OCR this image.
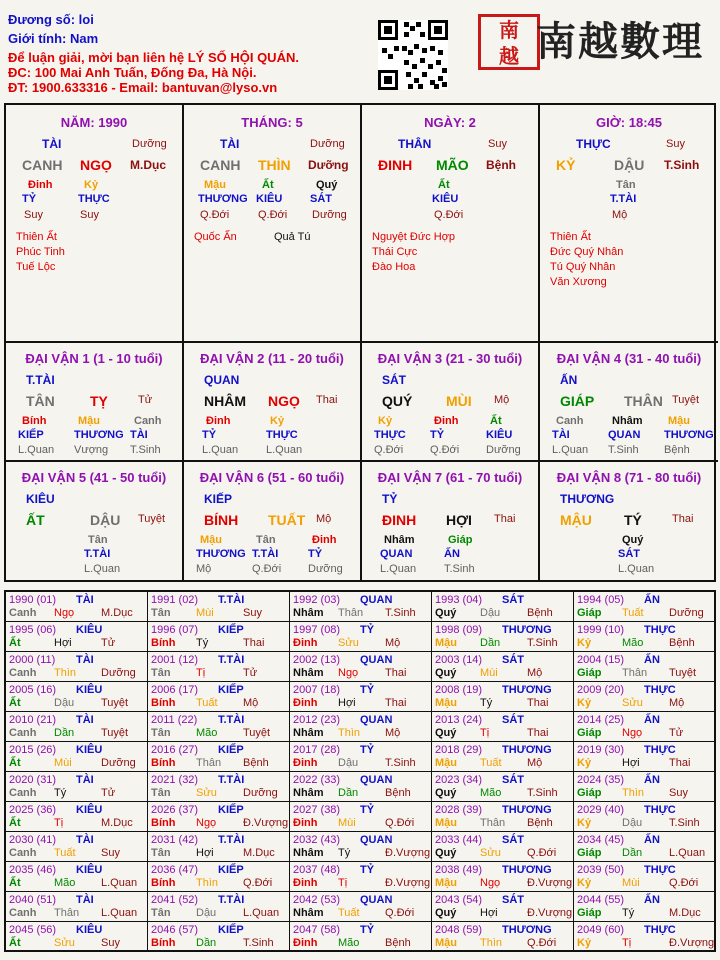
Đương số: loi
Giới tính: Nam
Để luận giải, mời bạn liên hệ LÝ SỐ HỘI QUÁN.
ĐC: 100 Mai Anh Tuấn, Đống Đa, Hà Nội.
ĐT: 1900.633316 - Email: bantuvan@lyso.vn
南
越 南越數理
NĂM: 1990
TÀI	Dưỡng
CANH NGỌ M.Dục
Đinh
TỶ
Suy
Kỷ
THỰC
Suy
Thiên Ất
Phúc Tinh
Tuế Lộc
THÁNG: 5
TÀI	Dưỡng
CANH THÌN Dưỡng
Mậu
THƯƠNG
Q.Đới
Ất
KIÊU
Q.Đới
Quý
SÁT
Dưỡng
Quốc Ấn	Quả Tú
NGÀY: 2
THÂN	Suy
ĐINH MÃO Bệnh
Ất
KIÊU
Q.Đới
Nguyệt Đức Hợp
Thái Cực
Đào Hoa
GIỜ: 18:45
THỰC	Suy
KỶ	DẬU T.Sinh
Tân
T.TÀI
Mộ
Thiên Ất
Đức Quý Nhân
Tú Quý Nhân
Văn Xương
ĐẠI VẬN 1 (1 - 10 tuổi)
T.TÀI
TÂN	TỴ	Tử
Bính
KIẾP
L.Quan
Mậu
THƯƠNG
Vượng
Canh
TÀI
T.Sinh
ĐẠI VẬN 2 (11 - 20 tuổi)
QUAN
NHÂM NGỌ Thai
Đinh
TỶ
L.Quan
Kỷ
THỰC
L.Quan
ĐẠI VẬN 3 (21 - 30 tuổi)
SÁT
QUÝ MÙI Mộ
Kỷ
THỰC
Q.Đới
Đinh
TỶ
Q.Đới
Ất
KIÊU
Dưỡng
ĐẠI VẬN 4 (31 - 40 tuổi)
ẤN
GIÁP THÂN Tuyệt
Canh
TÀI
L.Quan
Nhâm
QUAN
T.Sinh
Mậu
THƯƠNG
Bệnh
ĐẠI VẬN 5 (41 - 50 tuổi)
KIÊU
ẤT	DẬU Tuyệt
Tân
T.TÀI
L.Quan
ĐẠI VẬN 6 (51 - 60 tuổi)
KIẾP
BÍNH TUẤT Mộ
Mậu
THƯƠNG
Mộ
Tân
T.TÀI
Q.Đới
Đinh
TỶ
Dưỡng
ĐẠI VẬN 7 (61 - 70 tuổi)
TỶ
ĐINH HỢI Thai
Nhâm
QUAN
L.Quan
Giáp
ẤN
T.Sinh
ĐẠI VẬN 8 (71 - 80 tuổi)
THƯƠNG
MẬU TÝ	Thai
Quý
SÁT
L.Quan
1990 (01) TÀI
Canh Ngọ M.Dục
1991 (02) T.TÀI
Tân Mùi	Suy
1992 (03) QUAN
Nhâm Thân T.Sinh
1993 (04) SÁT
Quý Dậu Bệnh
1994 (05) ẤN
Giáp Tuất Dưỡng
1995 (06) KIÊU
Ất	Hợi	Tử
1996 (07) KIẾP
Bính Tý	Thai
1997 (08) TỶ
Đinh Sửu Mộ
1998 (09) THƯƠNG
Mậu Dần T.Sinh
1999 (10) THỰC
Kỷ	Mão Bệnh
2000 (11) TÀI
Canh Thìn Dưỡng
2001 (12) T.TÀI
Tân Tị	Tử
2002 (13) QUAN
Nhâm Ngọ Thai
2003 (14) SÁT
Quý Mùi	Mộ
2004 (15) ẤN
Giáp Thân Tuyệt
2005 (16) KIÊU
Ất	Dậu Tuyệt
2006 (17) KIẾP
Bính Tuất Mộ
2007 (18) TỶ
Đinh Hợi	Thai
2008 (19) THƯƠNG
Mậu Tý	Thai
2009 (20) THỰC
Kỷ	Sửu Mộ
2010 (21) TÀI
Canh Dần Tuyệt
2011 (22) T.TÀI
Tân Mão Tuyệt
2012 (23) QUAN
Nhâm Thìn Mộ
2013 (24) SÁT
Quý Tị	Thai
2014 (25) ẤN
Giáp Ngọ Tử
2015 (26) KIÊU
Ất	Mùi	Dưỡng
2016 (27) KIẾP
Bính Thân Bệnh
2017 (28) TỶ
Đinh Dậu T.Sinh
2018 (29) THƯƠNG
Mậu Tuất Mộ
2019 (30) THỰC
Kỷ	Hợi	Thai
2020 (31) TÀI
Canh Tý	Tử
2021 (32) T.TÀI
Tân Sửu Dưỡng
2022 (33) QUAN
Nhâm Dần Bệnh
2023 (34) SÁT
Quý Mão T.Sinh
2024 (35) ẤN
Giáp Thìn Suy
2025 (36) KIÊU
Ất	Tị	M.Dục
2026 (37) KIẾP
Bính Ngọ Đ.Vượng
2027 (38) TỶ
Đinh Mùi	Q.Đới
2028 (39) THƯƠNG
Mậu Thân Bệnh
2029 (40) THỰC
Kỷ	Dậu T.Sinh
2030 (41) TÀI
Canh Tuất Suy
2031 (42) T.TÀI
Tân Hợi	M.Dục
2032 (43) QUAN
Nhâm Tý	Đ.Vượng
2033 (44) SÁT
Quý Sửu Q.Đới
2034 (45) ẤN
Giáp Dần L.Quan
2035 (46) KIÊU
Ất	Mão L.Quan
2036 (47) KIẾP
Bính Thìn Q.Đới
2037 (48) TỶ
Đinh Tị	Đ.Vượng
2038 (49) THƯƠNG
Mậu Ngọ Đ.Vượng
2039 (50) THỰC
Kỷ	Mùi	Q.Đới
2040 (51) TÀI
Canh Thân L.Quan
2041 (52) T.TÀI
Tân Dậu L.Quan
2042 (53) QUAN
Nhâm Tuất Q.Đới
2043 (54) SÁT
Quý Hợi	Đ.Vượng
2044 (55) ẤN
Giáp Tý	M.Dục
2045 (56) KIÊU
Ất	Sửu Suy
2046 (57) KIẾP
Bính Dần T.Sinh
2047 (58) TỶ
Đinh Mão Bệnh
2048 (59) THƯƠNG
Mậu Thìn Q.Đới
2049 (60) THỰC
Kỷ	Tị	Đ.Vượng
